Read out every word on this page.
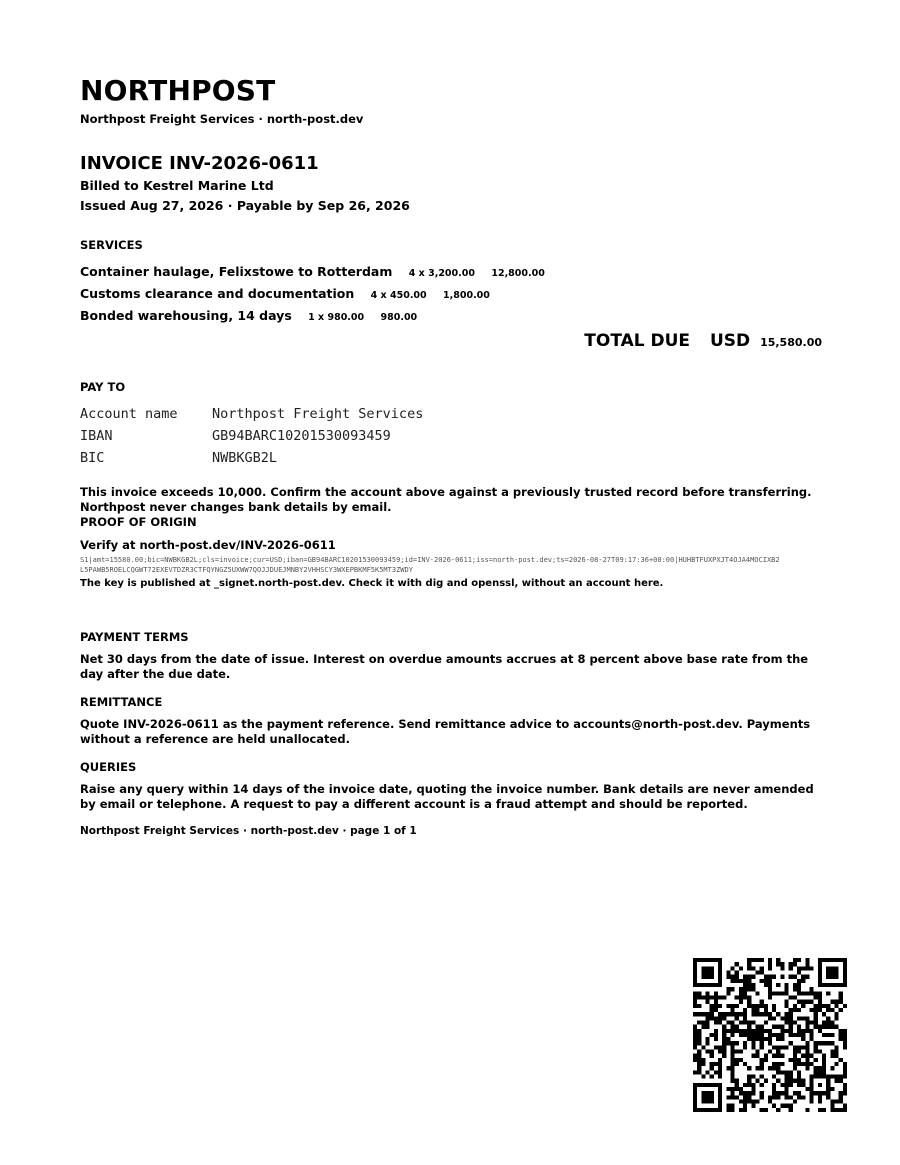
NORTHPOST
Northpost Freight Services · north-post.dev
INVOICE INV-2026-0611
Billed to Kestrel Marine Ltd
Issued Aug 27, 2026 · Payable by Sep 26, 2026
SERVICES
Container haulage, Felixstowe to Rotterdam 4 x 3,200.00 12,800.00
Customs clearance and documentation 4 x 450.00 1,800.00
Bonded warehousing, 14 days 1 x 980.00 980.00
TOTAL DUE USD 15,580.00
PAY TO
Account name	Northpost Freight Services
IBAN	GB94BARC10201530093459
BIC	NWBKGB2L
This invoice exceeds 10,000. Confirm the account above against a previously trusted record before transferring. Northpost never changes bank details by email.
PROOF OF ORIGIN
Verify at north-post.dev/INV-2026-0611
S1|amt=15580.00;bic=NWBKGB2L;cls=invoice;cur=USD;iban=GB94BARC10201530093459;id=INV-2026-0611;iss=north-post.dev;ts=2026-08-27T09:17:36+00:00|HUHBTFUXPXJT4OJA4MOCIXB2L5PAWB5ROELCQGWT72EXEVTDZR3CTFQYNGZ5UXWW7QOJJDUEJMNBY2VHHSCY3WXEPBKMF5K5MT3ZWDY
The key is published at _signet.north-post.dev. Check it with dig and openssl, without an account here.
PAYMENT TERMS
Net 30 days from the date of issue. Interest on overdue amounts accrues at 8 percent above base rate from the day after the due date.
REMITTANCE
Quote INV-2026-0611 as the payment reference. Send remittance advice to accounts@north-post.dev. Payments without a reference are held unallocated.
QUERIES
Raise any query within 14 days of the invoice date, quoting the invoice number. Bank details are never amended by email or telephone. A request to pay a different account is a fraud attempt and should be reported.
Northpost Freight Services · north-post.dev · page 1 of 1
